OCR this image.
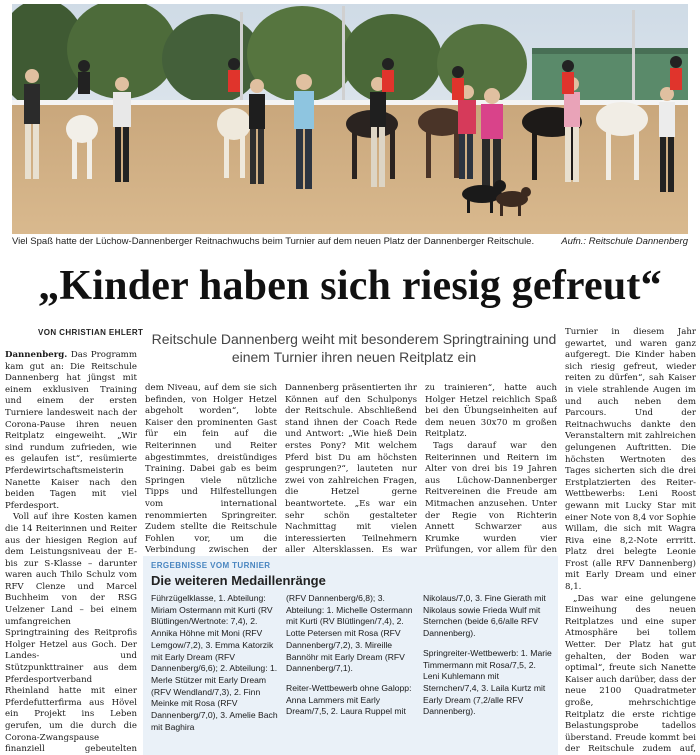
Viel Spaß hatte der Lüchow-Dannenberger Reitnachwuchs beim Turnier auf dem neuen Platz der Dannenberger Reitschule.	Aufn.: Reitschule Dannenberg
„Kinder haben sich riesig gefreut“
VON CHRISTIAN EHLERT Reitschule Dannenberg weiht mit besonderem Springtraining und einem Turnier ihren neuen Reitplatz ein

Dannenberg. Das Programm kam gut an: Die Reitschule Dannenberg hat jüngst mit einem exklusiven Training und einem der ersten Turniere landesweit nach der Corona-Pause ihren neuen Reitplatz eingeweiht. „Wir sind rundum zufrieden, wie es gelaufen ist“, resümierte Pferdewirtschaftsmeisterin Nanette Kaiser nach den beiden Tagen mit viel Pferdesport.

Voll auf ihre Kosten kamen die 14 Reiterinnen und Reiter aus der hiesigen Region auf dem Leistungsniveau der E- bis zur S-Klasse – darunter waren auch Thilo Schulz vom RFV Clenze und Marcel Buchheim von der RSG Uelzener Land – bei einem umfangreichen Springtraining des Reitprofis Holger Hetzel aus Goch. Der Landes- und Stützpunkttrainer aus dem Pferdesportverband Rheinland hatte mit einer Pferdefutterfirma aus Hövel ein Projekt ins Leben gerufen, um die durch die Corona-Zwangspause finanziell gebeutelten

dem Niveau, auf dem sie sich befinden, von Holger Hetzel abgeholt worden“, lobte Kaiser den prominenten Gast für ein fein auf die Reiterinnen und Reiter abgestimmtes, dreistündiges Training. Dabei gab es beim Springen viele nützliche Tipps und Hilfestellungen vom international renommierten Springreiter. Zudem stellte die Reitschule Fohlen vor, um die Verbindung zwischen der

Dannenberg präsentierten ihr Können auf den Schulponys der Reitschule. Abschließend stand ihnen der Coach Rede und Antwort: „Wie hieß Dein erstes Pony? Mit welchem Pferd bist Du am höchsten gesprungen?“, lauteten nur zwei von zahlreichen Fragen, die Hetzel gerne beantwortete. „Es war ein sehr schön gestalteter Nachmittag mit vielen interessierten Teilnehmern aller Altersklassen. Es war

zu trainieren“, hatte auch Holger Hetzel reichlich Spaß bei den Übungseinheiten auf dem neuen 30x70 m großen Reitplatz.

Tags darauf war den Reiterinnen und Reitern im Alter von drei bis 19 Jahren aus Lüchow-Dannenberger Reitvereinen die Freude am Mitmachen anzusehen. Unter der Regie von Richterin Annett Schwarzer aus Krumke wurden vier Prüfungen, vor allem für den

Turnier in diesem Jahr gewartet, und waren ganz aufgeregt. Die Kinder haben sich riesig gefreut, wieder reiten zu dürfen“, sah Kaiser in viele strahlende Augen im und auch neben dem Parcours. Und der Reitnachwuchs dankte den Veranstaltern mit zahlreichen gelungenen Auftritten. Die höchsten Wertnoten des Tages sicherten sich die drei Erstplatzierten des Reiter-Wettbewerbs: Leni Roost gewann mit Lucky Star mit einer Note von 8,4 vor Sophie Willam, die sich mit Wagra Riva eine 8,2-Note errritt. Platz drei belegte Leonie Frost (alle RFV Dannenberg) mit Early Dream und einer 8,1.

„Das war eine gelungene Einweihung des neuen Reitplatzes und eine super Atmosphäre bei tollem Wetter. Der Platz hat gut gehalten, der Boden war optimal“, freute sich Nanette Kaiser auch darüber, dass der neue 2100 Quadratmeter große, mehrschichtige Reitplatz die erste richtige Belastungsprobe tadellos überstand. Freude kommt bei der Reitschule zudem auf,

ERGEBNISSE VOM TURNIER
Die weiteren Medaillenränge

Führzügelklasse, 1. Abteilung: Miriam Ostermann mit Kurti (RV Blütlingen/Wertnote: 7,4), 2. Annika Höhne mit Moni (RFV Lemgow/7,2), 3. Emma Katorzik mit Early Dream (RFV Dannenberg/6,6); 2. Abteilung: 1. Merle Stützer mit Early Dream (RFV Wendland/7,3), 2. Finn Meinke mit Rosa (RFV Dannenberg/7,0), 3. Amelie Bach mit Baghira

(RFV Dannenberg/6,8); 3. Abteilung: 1. Michelle Ostermann mit Kurti (RV Blütlingen/7,4), 2. Lotte Petersen mit Rosa (RFV Dannenberg/7,2), 3. Mireille Bannöhr mit Early Dream (RFV Dannenberg/7,1).

Reiter-Wettbewerb ohne Galopp: Anna Lammers mit Early Dream/7,5, 2. Laura Ruppel mit

Nikolaus/7,0, 3. Fine Gierath mit Nikolaus sowie Frieda Wulf mit Sternchen (beide 6,6/alle RFV Dannenberg).

Springreiter-Wettbewerb: 1. Marie Timmermann mit Rosa/7,5, 2. Leni Kuhlemann mit Sternchen/7,4, 3. Laila Kurtz mit Early Dream (7,2/alle RFV Dannenberg).
